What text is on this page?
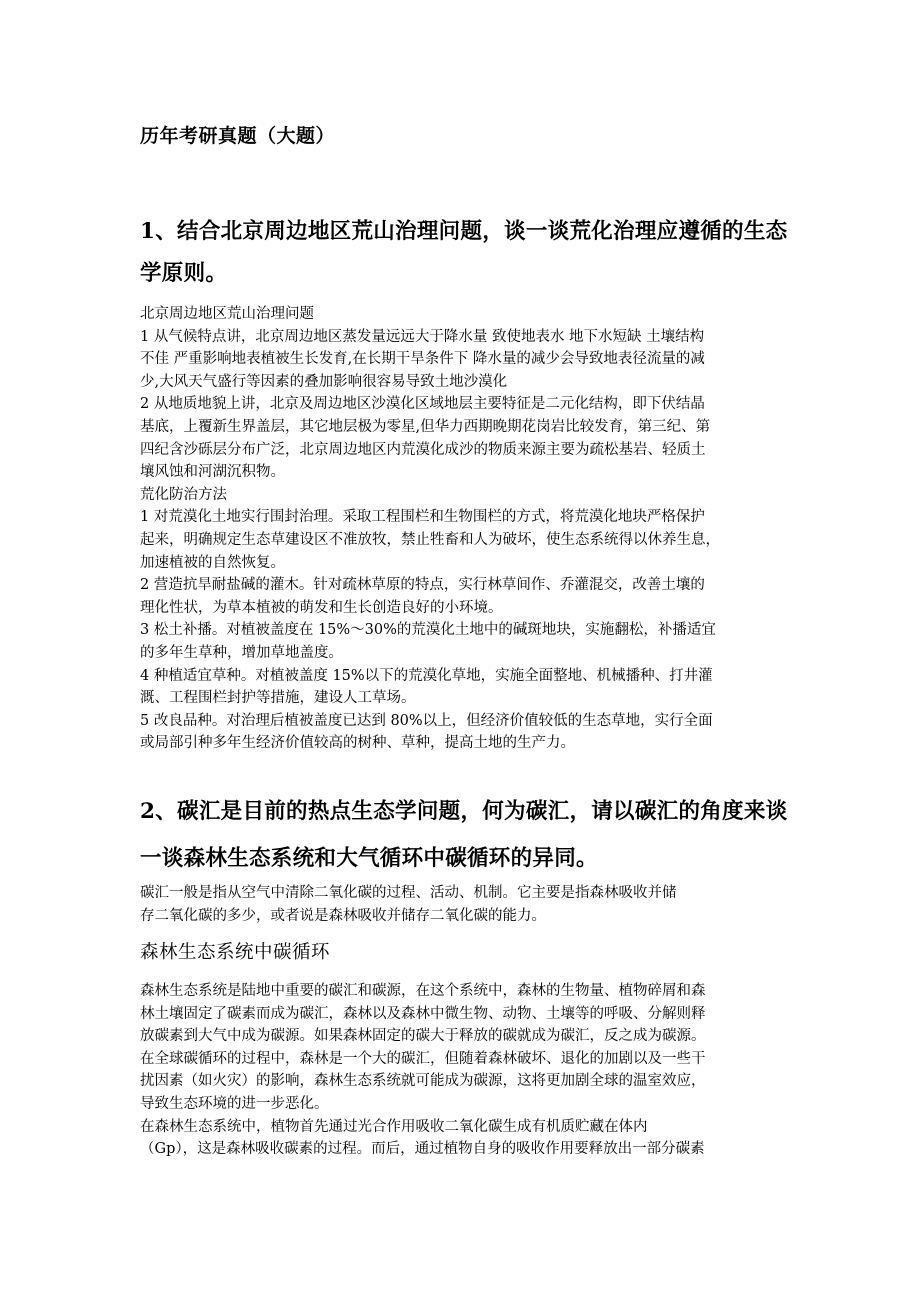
历年考研真题（大题）
1、结合北京周边地区荒山治理问题，谈一谈荒化治理应遵循的生态
学原则。

北京周边地区荒山治理问题

1 从气候特点讲，北京周边地区蒸发量远远大于降水量 致使地表水 地下水短缺 土壤结构

不佳 严重影响地表植被生长发育,在长期干旱条件下 降水量的减少会导致地表径流量的减

少,大风天气盛行等因素的叠加影响很容易导致土地沙漠化

2 从地质地貌上讲，北京及周边地区沙漠化区域地层主要特征是二元化结构，即下伏结晶

基底，上覆新生界盖层，其它地层极为零星,但华力西期晚期花岗岩比较发育，第三纪、第

四纪含沙砾层分布广泛，北京周边地区内荒漠化成沙的物质来源主要为疏松基岩、轻质土

壤风蚀和河湖沉积物。

荒化防治方法

1 对荒漠化土地实行围封治理。采取工程围栏和生物围栏的方式，将荒漠化地块严格保护

起来，明确规定生态草建设区不准放牧，禁止牲畜和人为破坏，使生态系统得以休养生息，

加速植被的自然恢复。

2 营造抗旱耐盐碱的灌木。针对疏林草原的特点，实行林草间作、乔灌混交，改善土壤的

理化性状，为草本植被的萌发和生长创造良好的小环境。

3 松土补播。对植被盖度在 15%～30%的荒漠化土地中的碱斑地块，实施翻松，补播适宜

的多年生草种，增加草地盖度。

4 种植适宜草种。对植被盖度 15%以下的荒漠化草地，实施全面整地、机械播种、打井灌

溉、工程围栏封护等措施，建设人工草场。

5 改良品种。对治理后植被盖度已达到 80%以上，但经济价值较低的生态草地，实行全面

或局部引种多年生经济价值较高的树种、草种，提高土地的生产力。

2、碳汇是目前的热点生态学问题，何为碳汇，请以碳汇的角度来谈
一谈森林生态系统和大气循环中碳循环的异同。

碳汇一般是指从空气中清除二氧化碳的过程、活动、机制。它主要是指森林吸收并储

存二氧化碳的多少，或者说是森林吸收并储存二氧化碳的能力。

森林生态系统中碳循环

森林生态系统是陆地中重要的碳汇和碳源，在这个系统中，森林的生物量、植物碎屑和森

林土壤固定了碳素而成为碳汇，森林以及森林中微生物、动物、土壤等的呼吸、分解则释

放碳素到大气中成为碳源。如果森林固定的碳大于释放的碳就成为碳汇，反之成为碳源。

在全球碳循环的过程中，森林是一个大的碳汇，但随着森林破坏、退化的加剧以及一些干

扰因素（如火灾）的影响，森林生态系统就可能成为碳源，这将更加剧全球的温室效应，

导致生态环境的进一步恶化。

在森林生态系统中，植物首先通过光合作用吸收二氧化碳生成有机质贮藏在体内

（Gp），这是森林吸收碳素的过程。而后，通过植物自身的吸收作用要释放出一部分碳素
